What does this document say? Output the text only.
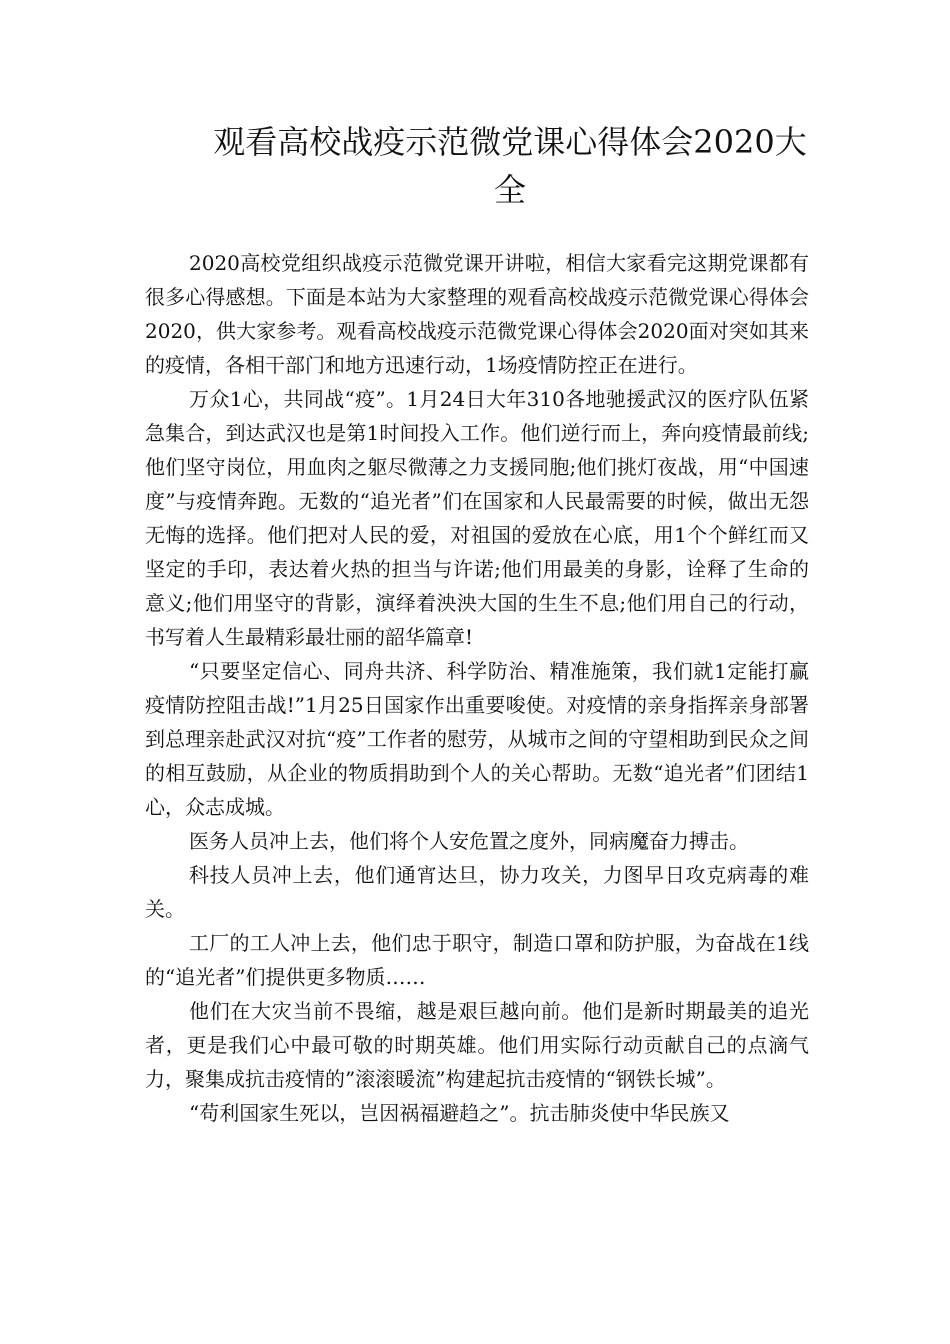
观看高校战疫示范微党课心得体会2020大全

2020高校党组织战疫示范微党课开讲啦，相信大家看完这期党课都有很多心得感想。下面是本站为大家整理的观看高校战疫示范微党课心得体会2020，供大家参考。观看高校战疫示范微党课心得体会2020面对突如其来的疫情，各相干部门和地方迅速行动，1场疫情防控正在进行。

万众1心，共同战“疫”。1月24日大年310各地驰援武汉的医疗队伍紧急集合，到达武汉也是第1时间投入工作。他们逆行而上，奔向疫情最前线;他们坚守岗位，用血肉之躯尽微薄之力支援同胞;他们挑灯夜战，用“中国速度”与疫情奔跑。无数的“追光者”们在国家和人民最需要的时候，做出无怨无悔的选择。他们把对人民的爱，对祖国的爱放在心底，用1个个鲜红而又坚定的手印，表达着火热的担当与许诺;他们用最美的身影，诠释了生命的意义;他们用坚守的背影，演绎着泱泱大国的生生不息;他们用自己的行动，书写着人生最精彩最壮丽的韶华篇章!

“只要坚定信心、同舟共济、科学防治、精准施策，我们就1定能打赢疫情防控阻击战!”1月25日国家作出重要唆使。对疫情的亲身指挥亲身部署到总理亲赴武汉对抗“疫”工作者的慰劳，从城市之间的守望相助到民众之间的相互鼓励，从企业的物质捐助到个人的关心帮助。无数“追光者”们团结1心，众志成城。

医务人员冲上去，他们将个人安危置之度外，同病魔奋力搏击。

科技人员冲上去，他们通宵达旦，协力攻关，力图早日攻克病毒的难关。

工厂的工人冲上去，他们忠于职守，制造口罩和防护服，为奋战在1线的“追光者”们提供更多物质……

他们在大灾当前不畏缩，越是艰巨越向前。他们是新时期最美的追光者，更是我们心中最可敬的时期英雄。他们用实际行动贡献自己的点滴气力，聚集成抗击疫情的”滚滚暖流”构建起抗击疫情的“钢铁长城”。

“苟利国家生死以，岂因祸福避趋之”。抗击肺炎使中华民族又
